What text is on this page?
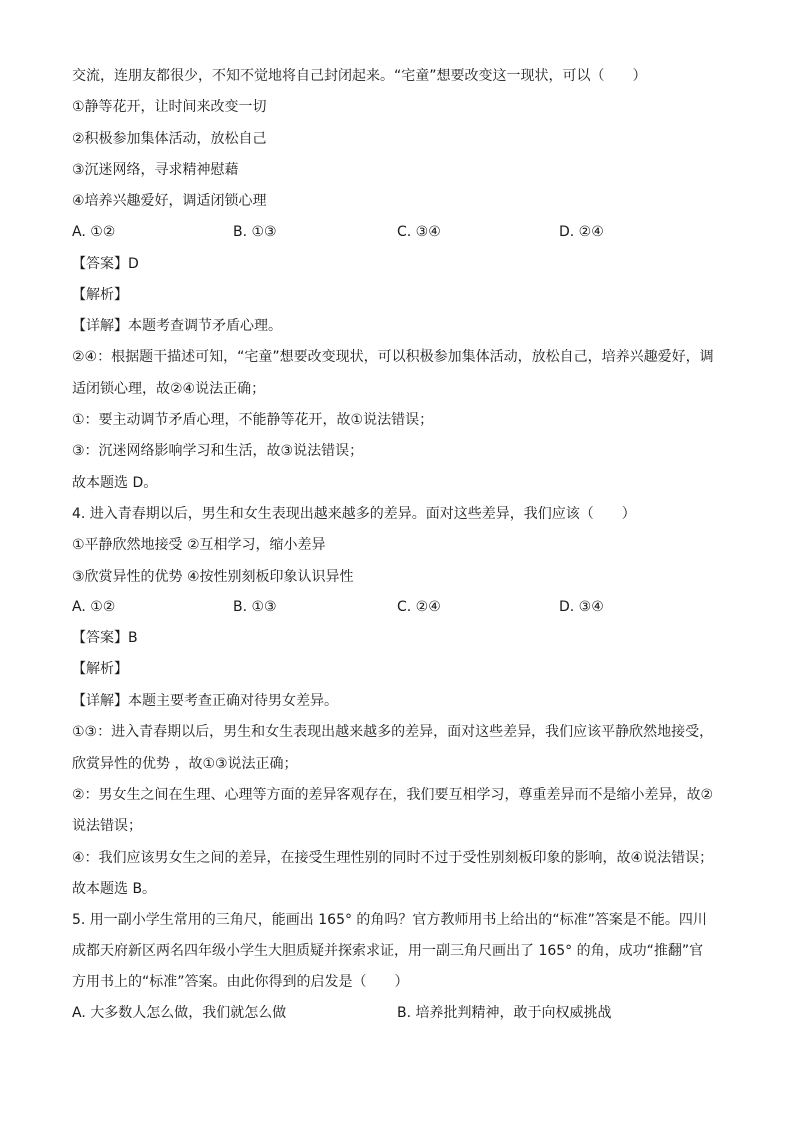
交流，连朋友都很少，不知不觉地将自己封闭起来。“宅童”想要改变这一现状，可以（　　）
①静等花开，让时间来改变一切
②积极参加集体活动，放松自己
③沉迷网络，寻求精神慰藉
④培养兴趣爱好，调适闭锁心理
A. ①②	B. ①③	C. ③④	D. ②④
【答案】D
【解析】
【详解】本题考查调节矛盾心理。
②④：根据题干描述可知，“宅童”想要改变现状，可以积极参加集体活动，放松自己，培养兴趣爱好，调
适闭锁心理，故②④说法正确；
①：要主动调节矛盾心理，不能静等花开，故①说法错误；
③：沉迷网络影响学习和生活，故③说法错误；
故本题选 D。
4. 进入青春期以后，男生和女生表现出越来越多的差异。面对这些差异，我们应该（　　）
①平静欣然地接受 ②互相学习，缩小差异
③欣赏异性的优势 ④按性别刻板印象认识异性
A. ①②	B. ①③	C. ②④	D. ③④
【答案】B
【解析】
【详解】本题主要考查正确对待男女差异。
①③：进入青春期以后，男生和女生表现出越来越多的差异，面对这些差异，我们应该平静欣然地接受，
欣赏异性的优势 ，故①③说法正确；
②：男女生之间在生理、心理等方面的差异客观存在，我们要互相学习，尊重差异而不是缩小差异，故②
说法错误；
④：我们应该男女生之间的差异，在接受生理性别的同时不过于受性别刻板印象的影响，故④说法错误；
故本题选 B。
5. 用一副小学生常用的三角尺，能画出 165° 的角吗？官方教师用书上给出的“标准”答案是不能。四川
成都天府新区两名四年级小学生大胆质疑并探索求证，用一副三角尺画出了 165° 的角，成功“推翻”官
方用书上的“标准”答案。由此你得到的启发是（　　）
A. 大多数人怎么做，我们就怎么做	B. 培养批判精神，敢于向权威挑战
